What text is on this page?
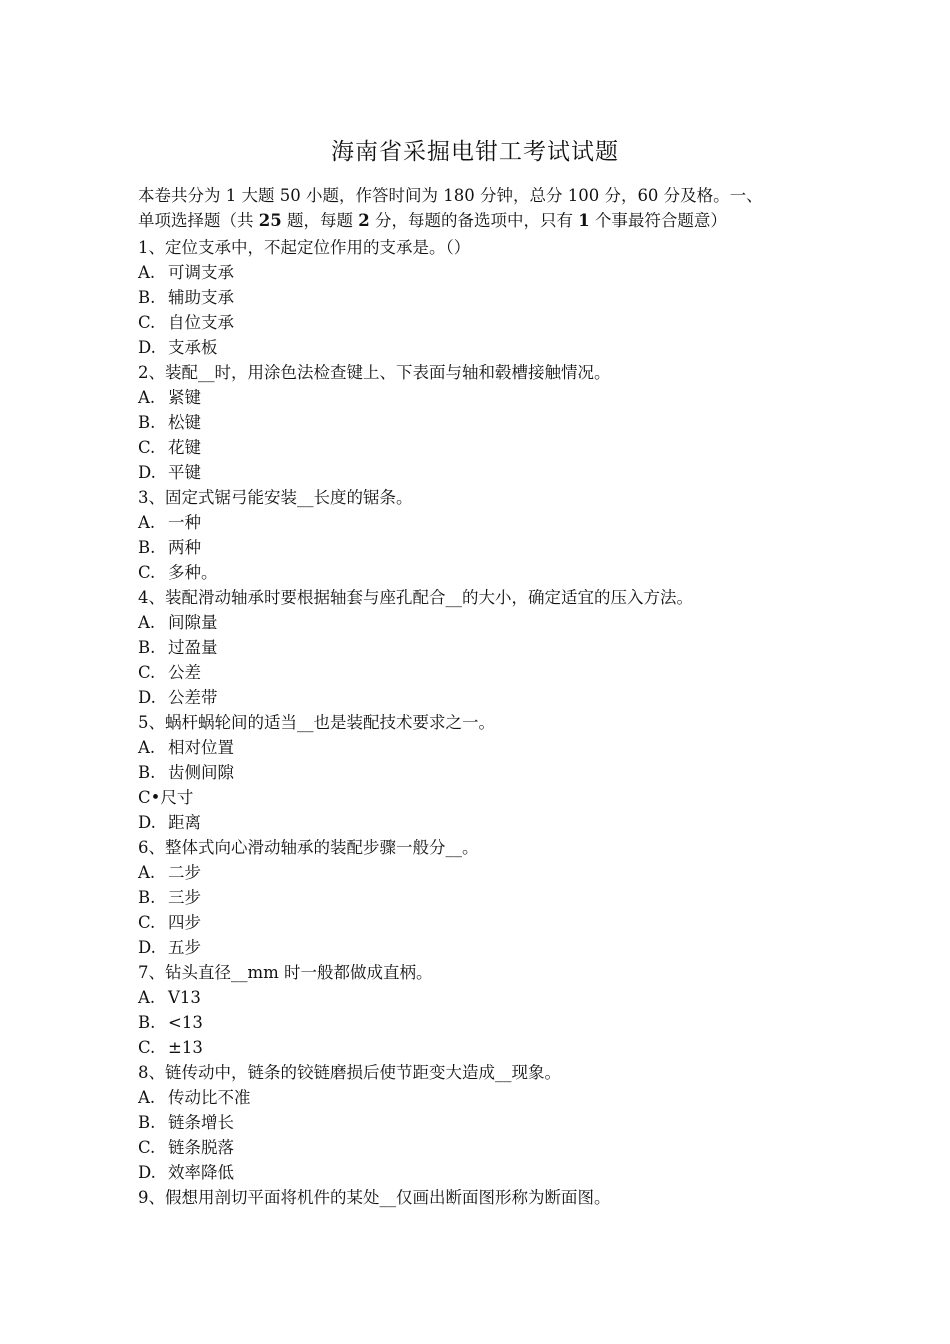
海南省采掘电钳工考试试题
本卷共分为 1 大题 50 小题，作答时间为 180 分钟，总分 100 分，60 分及格。一、
单项选择题（共 25 题，每题 2 分，每题的备选项中，只有 1 个事最符合题意）
1、定位支承中，不起定位作用的支承是。（）
A. 可调支承
B. 辅助支承
C. 自位支承
D. 支承板
2、装配__时，用涂色法检查键上、下表面与轴和毂槽接触情况。
A. 紧键
B. 松键
C. 花键
D. 平键
3、固定式锯弓能安装__长度的锯条。
A. 一种
B. 两种
C. 多种。
4、装配滑动轴承时要根据轴套与座孔配合__的大小，确定适宜的压入方法。
A. 间隙量
B. 过盈量
C. 公差
D. 公差带
5、蜗杆蜗轮间的适当__也是装配技术要求之一。
A. 相对位置
B. 齿侧间隙
C• 尺寸
D. 距离
6、整体式向心滑动轴承的装配步骤一般分__。
A. 二步
B. 三步
C. 四步
D. 五步
7、钻头直径__mm 时一般都做成直柄。
A. V13
B. <13
C. ±13
8、链传动中，链条的铰链磨损后使节距变大造成__现象。
A. 传动比不准
B. 链条增长
C. 链条脱落
D. 效率降低
9、假想用剖切平面将机件的某处__仅画出断面图形称为断面图。
